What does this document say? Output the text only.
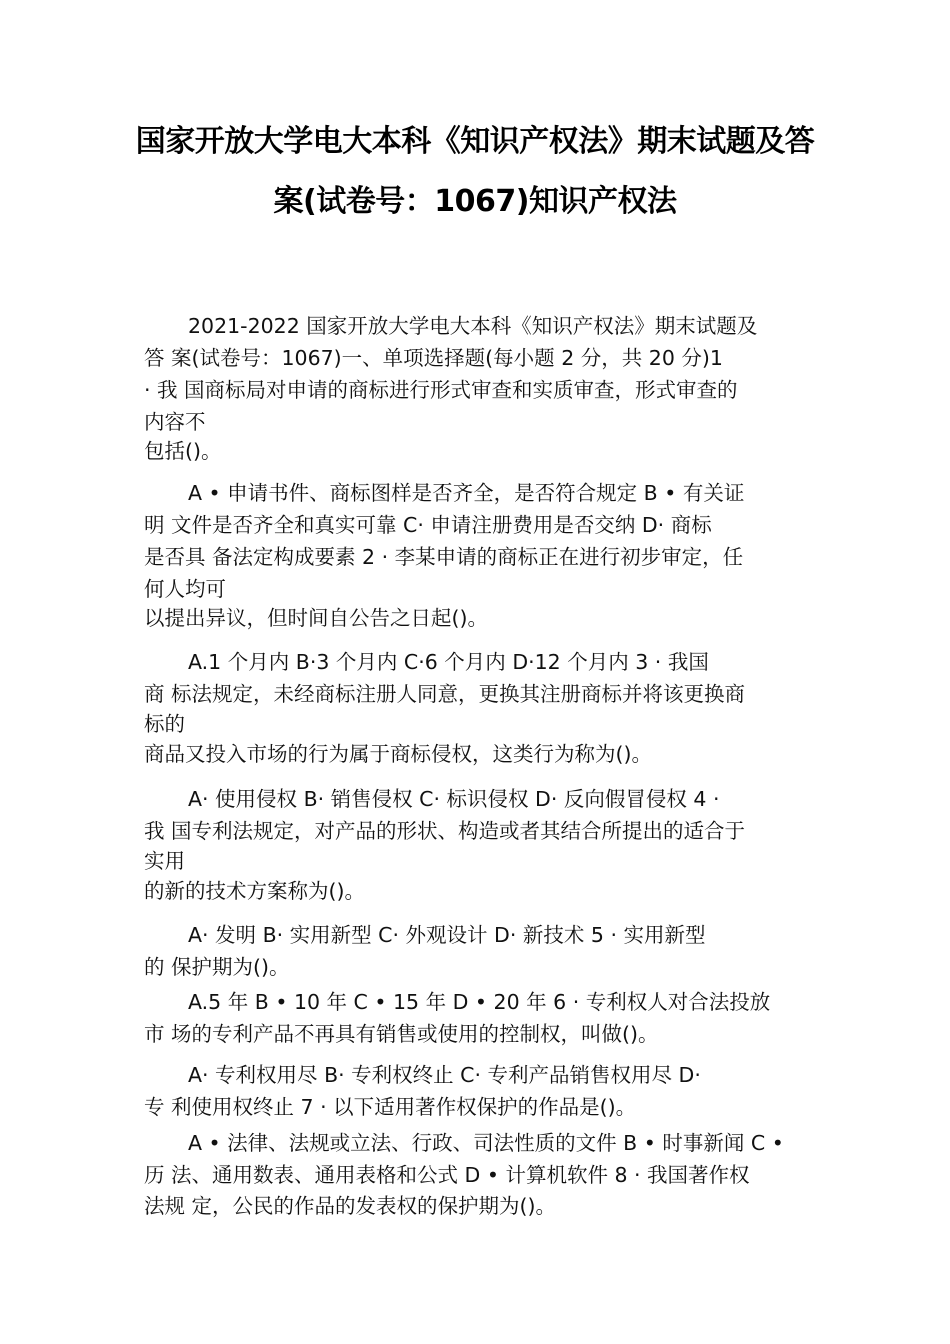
国家开放大学电大本科《知识产权法》期末试题及答
案(试卷号：1067)知识产权法
2021-2022 国家开放大学电大本科《知识产权法》期末试题及
答 案(试卷号：1067)一、单项选择题(每小题 2 分，共 20 分)1
· 我 国商标局对申请的商标进行形式审查和实质审查，形式审查的
内容不
包括()。
A • 申请书件、商标图样是否齐全，是否符合规定 B • 有关证
明 文件是否齐全和真实可靠 C· 申请注册费用是否交纳 D· 商标
是否具 备法定构成要素 2 · 李某申请的商标正在进行初步审定，任
何人均可
以提出异议，但时间自公告之日起()。
A.1 个月内 B·3 个月内 C·6 个月内 D·12 个月内 3 · 我国
商 标法规定，未经商标注册人同意，更换其注册商标并将该更换商
标的
商品又投入市场的行为属于商标侵权，这类行为称为()。
A· 使用侵权 B· 销售侵权 C· 标识侵权 D· 反向假冒侵权 4 ·
我 国专利法规定，对产品的形状、构造或者其结合所提出的适合于
实用
的新的技术方案称为()。
A· 发明 B· 实用新型 C· 外观设计 D· 新技术 5 · 实用新型
的 保护期为()。
A.5 年 B • 10 年 C • 15 年 D • 20 年 6 · 专利权人对合法投放
市 场的专利产品不再具有销售或使用的控制权，叫做()。
A· 专利权用尽 B· 专利权终止 C· 专利产品销售权用尽 D·
专 利使用权终止 7 · 以下适用著作权保护的作品是()。
A • 法律、法规或立法、行政、司法性质的文件 B • 时事新闻 C •
历 法、通用数表、通用表格和公式 D • 计算机软件 8 · 我国著作权
法规 定，公民的作品的发表权的保护期为()。
